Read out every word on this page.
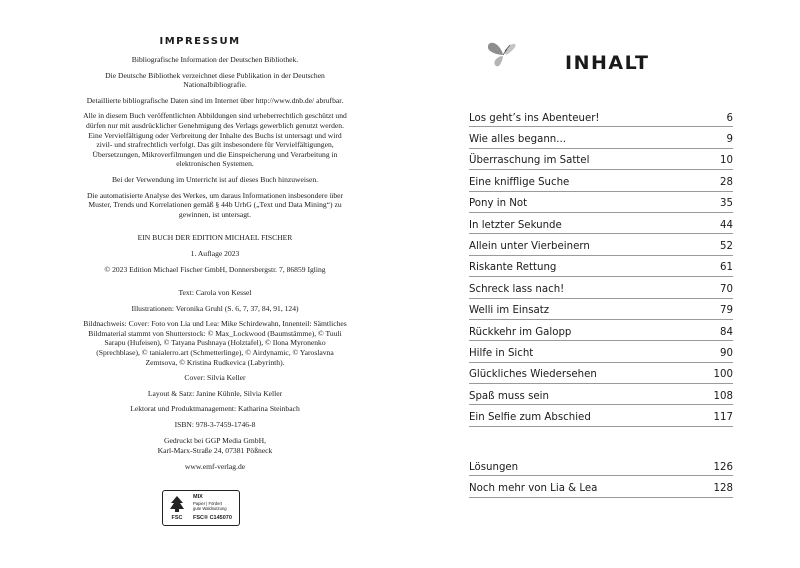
IMPRESSUM

Bibliografische Information der Deutschen Bibliothek.

Die Deutsche Bibliothek verzeichnet diese Publikation in der Deutschen Nationalbibliografie.

Detaillierte bibliografische Daten sind im Internet über http://www.dnb.de/ abrufbar.

Alle in diesem Buch veröffentlichten Abbildungen sind urheberrechtlich geschützt und dürfen nur mit ausdrücklicher Genehmigung des Verlags gewerblich genutzt werden. Eine Vervielfältigung oder Verbreitung der Inhalte des Buchs ist untersagt und wird zivil- und strafrechtlich verfolgt. Das gilt insbesondere für Vervielfältigungen, Übersetzungen, Mikroverfilmungen und die Einspeicherung und Verarbeitung in elektronischen Systemen.

Bei der Verwendung im Unterricht ist auf dieses Buch hinzuweisen.

Die automatisierte Analyse des Werkes, um daraus Informationen insbesondere über Muster, Trends und Korrelationen gemäß § 44b UrhG („Text und Data Mining“) zu gewinnen, ist untersagt.

EIN BUCH DER EDITION MICHAEL FISCHER

1. Auflage 2023

© 2023 Edition Michael Fischer GmbH, Donnersbergstr. 7, 86859 Igling

Text: Carola von Kessel

Illustrationen: Veronika Gruhl (S. 6, 7, 37, 84, 91, 124)

Bildnachweis: Cover: Foto von Lia und Lea: Mike Schirdewahn, Innenteil: Sämtliches Bildmaterial stammt von Shutterstock: © Max_Lockwood (Baumstämme), © Tuuli Sarapu (Hufeisen), © Tatyana Pushnaya (Holztafel), © Ilona Myronenko (Sprechblase), © tanialerro.art (Schmetterlinge), © Airdynamic, © Yaroslavna Zemtsova, © Kristina Rudkevica (Labyrinth).

Cover: Silvia Keller

Layout & Satz: Janine Kühnle, Silvia Keller

Lektorat und Produktmanagement: Katharina Steinbach

ISBN: 978-3-7459-1746-8

Gedruckt bei GGP Media GmbH,

Karl-Marx-Straße 24, 07381 Pößneck

www.emf-verlag.de

FSC
MIX
Papier | Fördert
gute Waldnutzung
FSC® C145070
INHALT
Los geht’s ins Abenteuer!	6
Wie alles begann...	9
Überraschung im Sattel	10
Eine knifflige Suche	28
Pony in Not	35
In letzter Sekunde	44
Allein unter Vierbeinern	52
Riskante Rettung	61
Schreck lass nach!	70
Welli im Einsatz	79
Rückkehr im Galopp	84
Hilfe in Sicht	90
Glückliches Wiedersehen	100
Spaß muss sein	108
Ein Selfie zum Abschied	117
Lösungen	126
Noch mehr von Lia & Lea	128
